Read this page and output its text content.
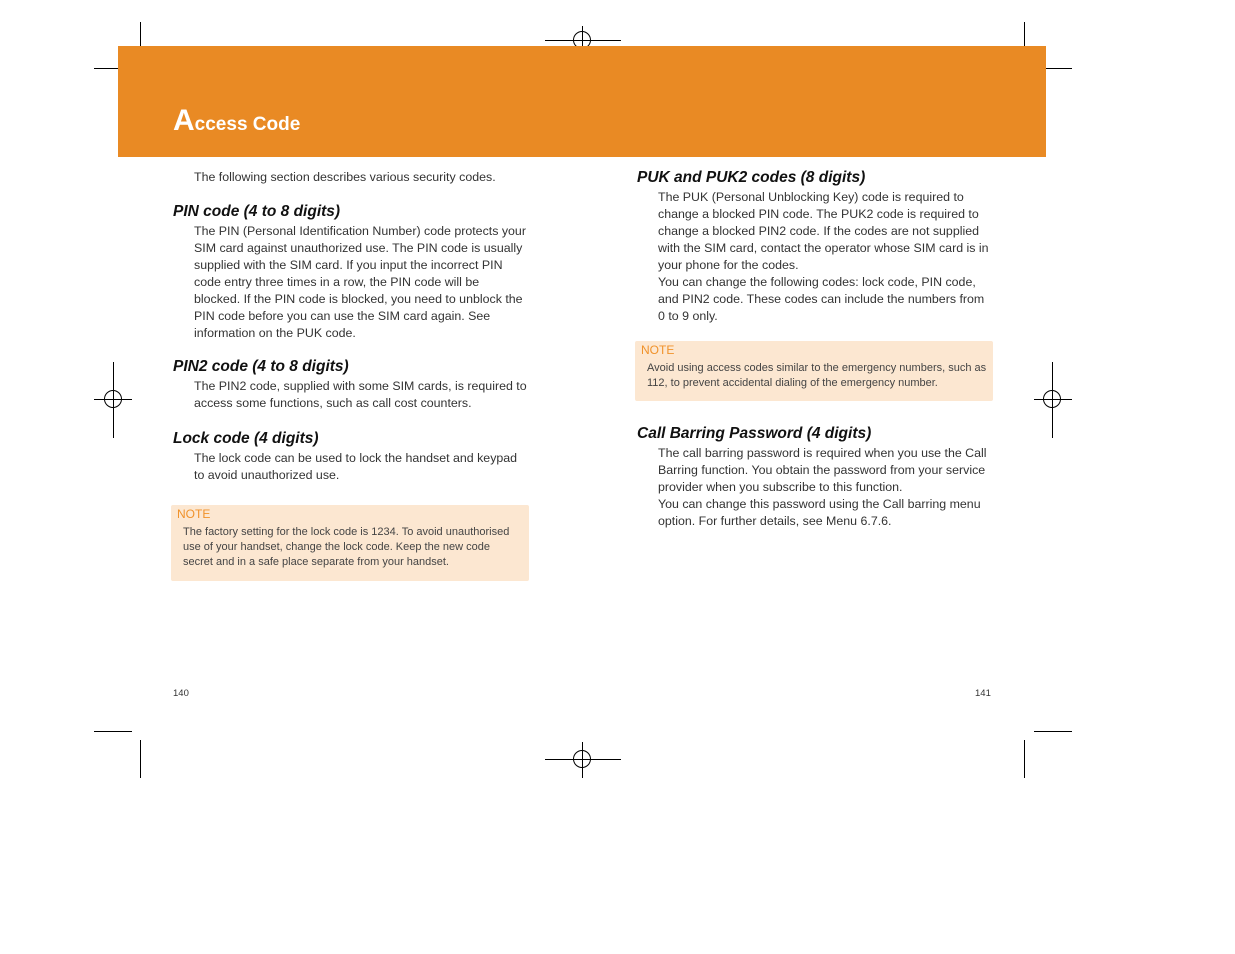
Access Code

The following section describes various security codes.

PIN code (4 to 8 digits)
The PIN (Personal Identification Number) code protects your
SIM card against unauthorized use. The PIN code is usually
supplied with the SIM card. If you input the incorrect PIN
code entry three times in a row, the PIN code will be
blocked. If the PIN code is blocked, you need to unblock the
PIN code before you can use the SIM card again. See
information on the PUK code.
PIN2 code (4 to 8 digits)
The PIN2 code, supplied with some SIM cards, is required to
access some functions, such as call cost counters.
Lock code (4 digits)
The lock code can be used to lock the handset and keypad
to avoid unauthorized use.
NOTE
The factory setting for the lock code is 1234. To avoid unauthorised
use of your handset, change the lock code. Keep the new code
secret and in a safe place separate from your handset.
140
PUK and PUK2 codes (8 digits)
The PUK (Personal Unblocking Key) code is required to
change a blocked PIN code. The PUK2 code is required to
change a blocked PIN2 code. If the codes are not supplied
with the SIM card, contact the operator whose SIM card is in
your phone for the codes.
You can change the following codes: lock code, PIN code,
and PIN2 code. These codes can include the numbers from
0 to 9 only.
NOTE
Avoid using access codes similar to the emergency numbers, such as
112, to prevent accidental dialing of the emergency number.
Call Barring Password (4 digits)
The call barring password is required when you use the Call
Barring function. You obtain the password from your service
provider when you subscribe to this function.
You can change this password using the Call barring menu
option. For further details, see Menu 6.7.6.
141
